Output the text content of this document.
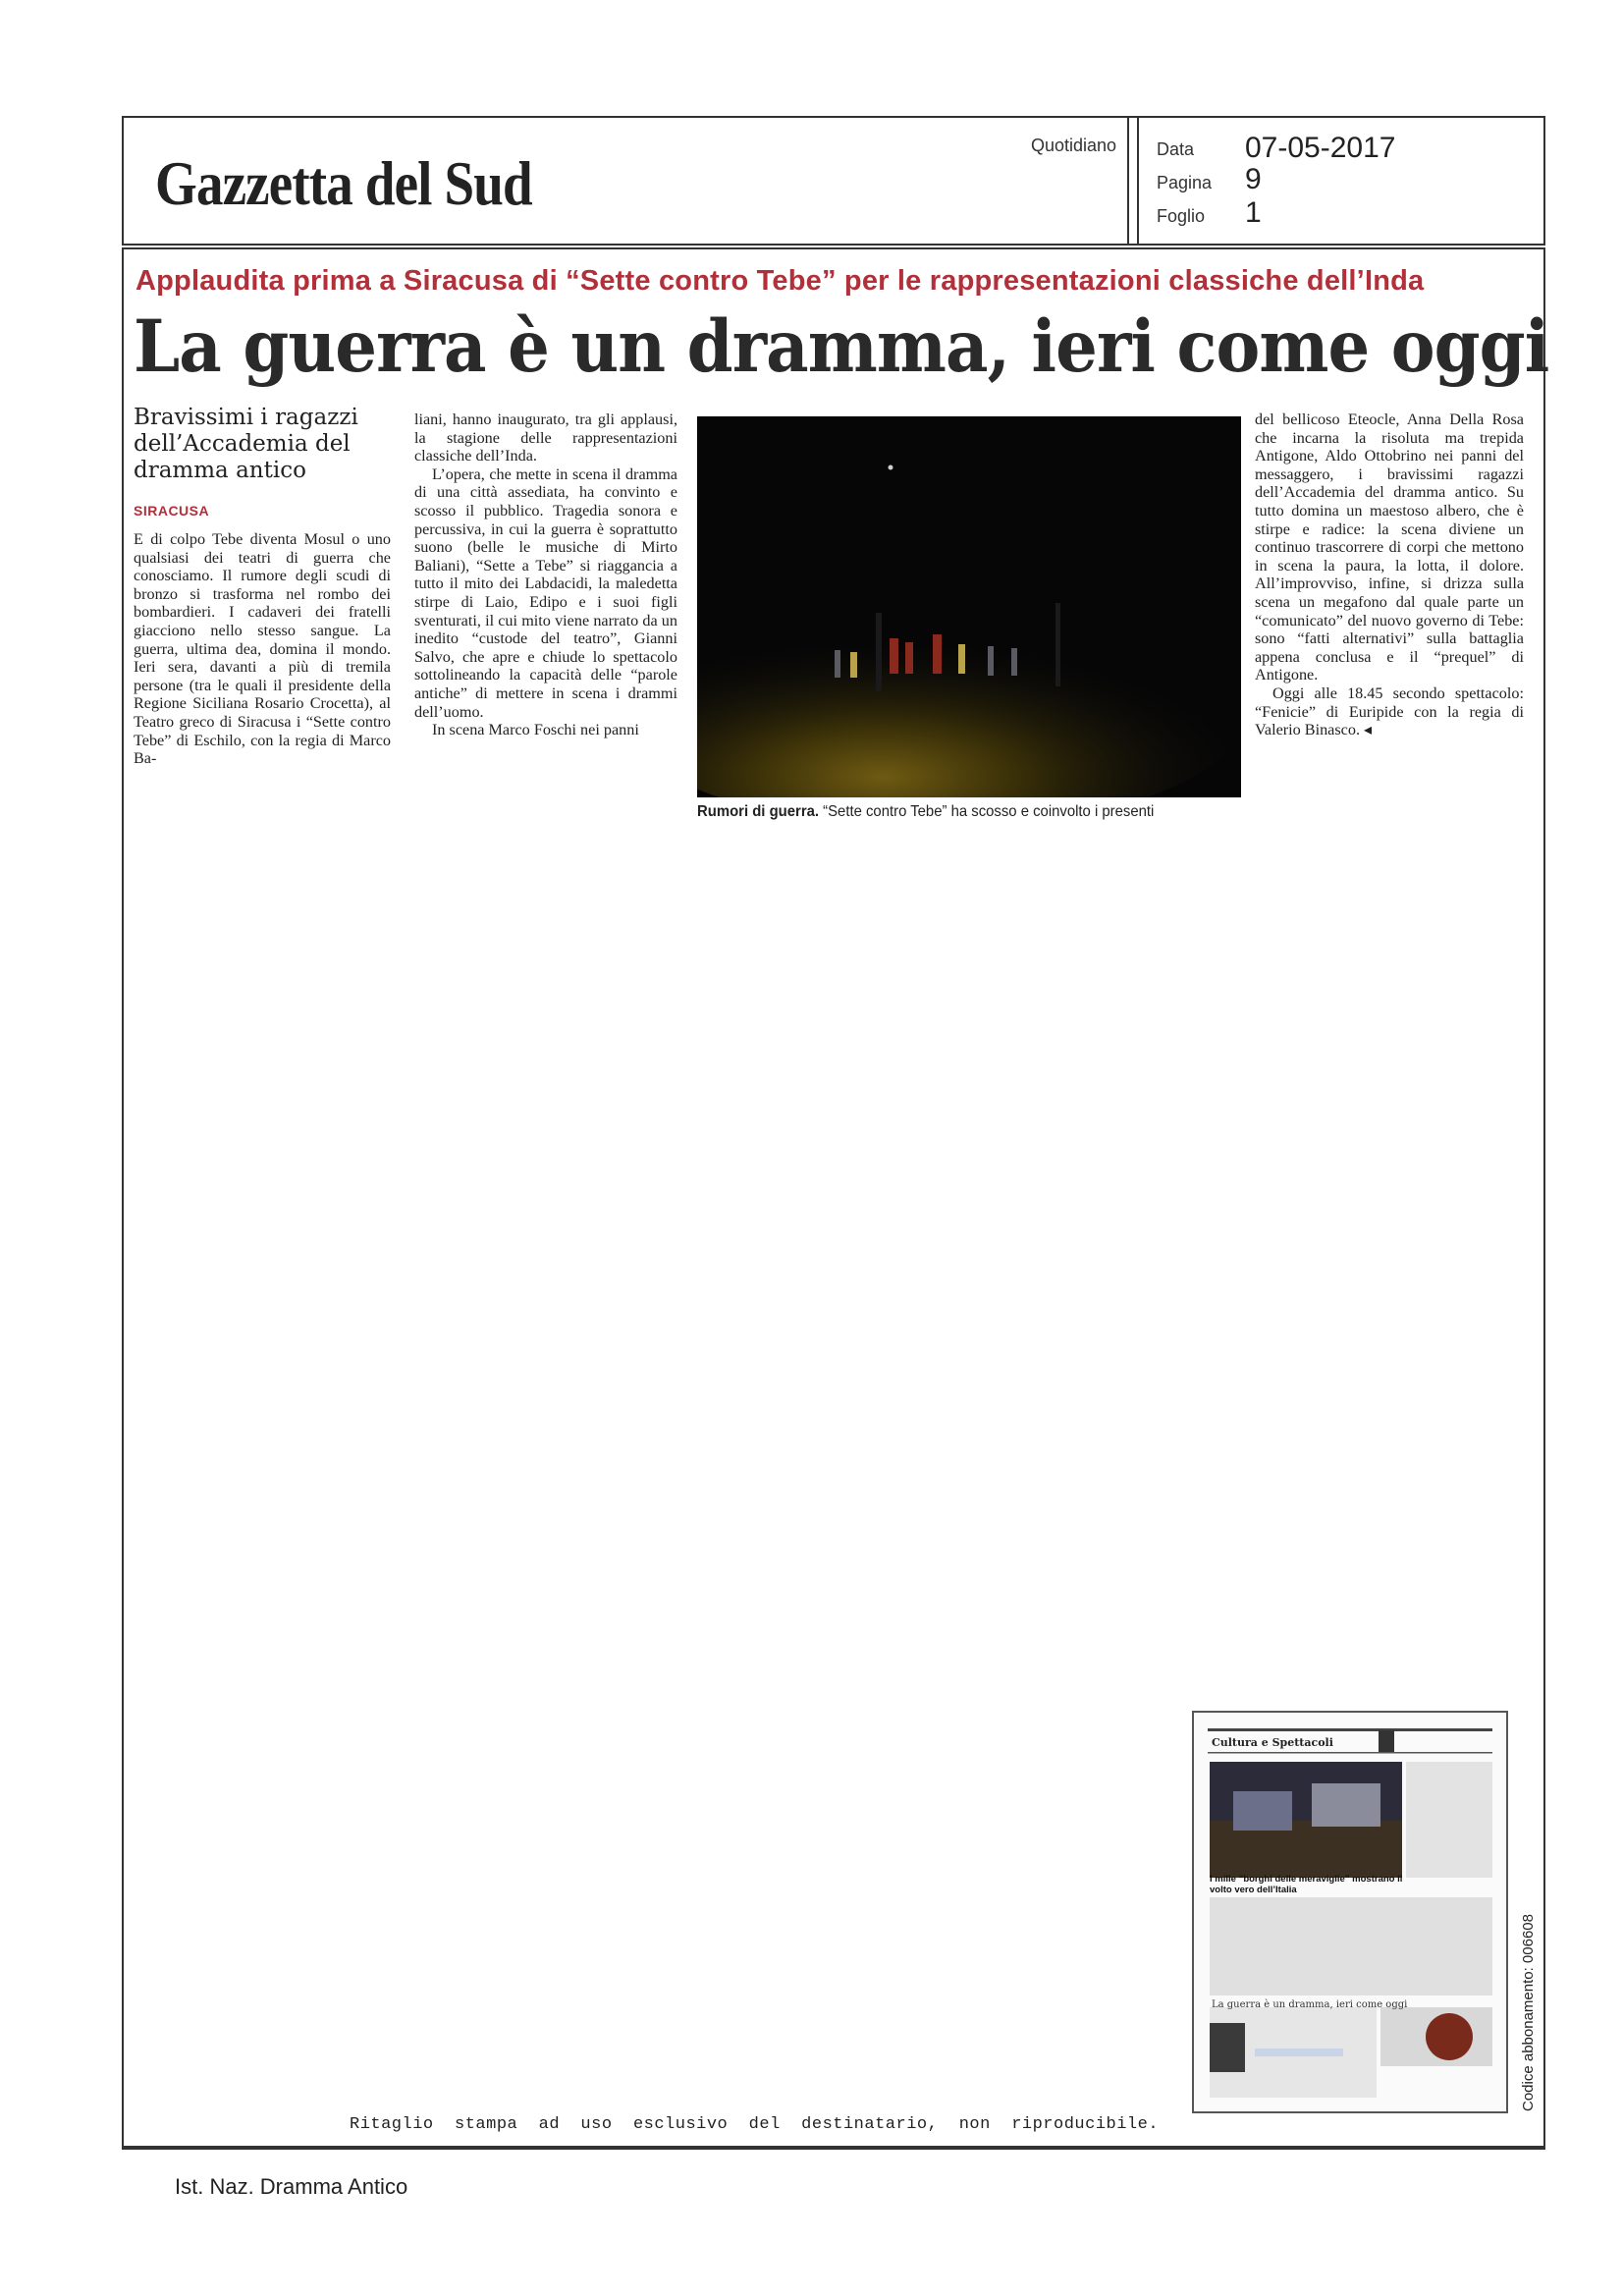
Gazzetta del Sud
Quotidiano Data 07-05-2017
Pagina 9
Foglio 1
Applaudita prima a Siracusa di “Sette contro Tebe” per le rappresentazioni classiche dell’Inda
La guerra è un dramma, ieri come oggi
Bravissimi i ragazzi dell’Accademia del dramma antico
SIRACUSA

E di colpo Tebe diventa Mosul o uno qualsiasi dei teatri di guerra che conosciamo. Il rumore degli scudi di bronzo si trasforma nel rombo dei bombardieri. I cadaveri dei fratelli giacciono nello stesso sangue. La guerra, ultima dea, domina il mondo. Ieri sera, davanti a più di tremila persone (tra le quali il presidente della Regione Siciliana Rosario Crocetta), al Teatro greco di Siracusa i “Sette contro Tebe” di Eschilo, con la regia di Marco Ba-

liani, hanno inaugurato, tra gli applausi, la stagione delle rappresentazioni classiche dell’Inda.

L’opera, che mette in scena il dramma di una città assediata, ha convinto e scosso il pubblico. Tragedia sonora e percussiva, in cui la guerra è soprattutto suono (belle le musiche di Mirto Baliani), “Sette a Tebe” si riaggancia a tutto il mito dei Labdacidi, la maledetta stirpe di Laio, Edipo e i suoi figli sventurati, il cui mito viene narrato da un inedito “custode del teatro”, Gianni Salvo, che apre e chiude lo spettacolo sottolineando la capacità delle “parole antiche” di mettere in scena i drammi dell’uomo.

In scena Marco Foschi nei panni

Rumori di guerra. “Sette contro Tebe” ha scosso e coinvolto i presenti

del bellicoso Eteocle, Anna Della Rosa che incarna la risoluta ma trepida Antigone, Aldo Ottobrino nei panni del messaggero, i bravissimi ragazzi dell’Accademia del dramma antico. Su tutto domina un maestoso albero, che è stirpe e radice: la scena diviene un continuo trascorrere di corpi che mettono in scena la paura, la lotta, il dolore. All’improvviso, infine, si drizza sulla scena un megafono dal quale parte un “comunicato” del nuovo governo di Tebe: sono “fatti alternativi” sulla battaglia appena conclusa e il “prequel” di Antigone.

Oggi alle 18.45 secondo spettacolo: “Fenicie” di Euripide con la regia di Valerio Binasco. ◂

Cultura e Spettacoli
I mille “borghi delle meraviglie” mostrano il volto vero dell’Italia
La guerra è un dramma, ieri come oggi	Codice abbonamento: 006608
Ritaglio  stampa  ad  uso  esclusivo  del  destinatario,  non  riproducibile.
Ist. Naz. Dramma Antico
